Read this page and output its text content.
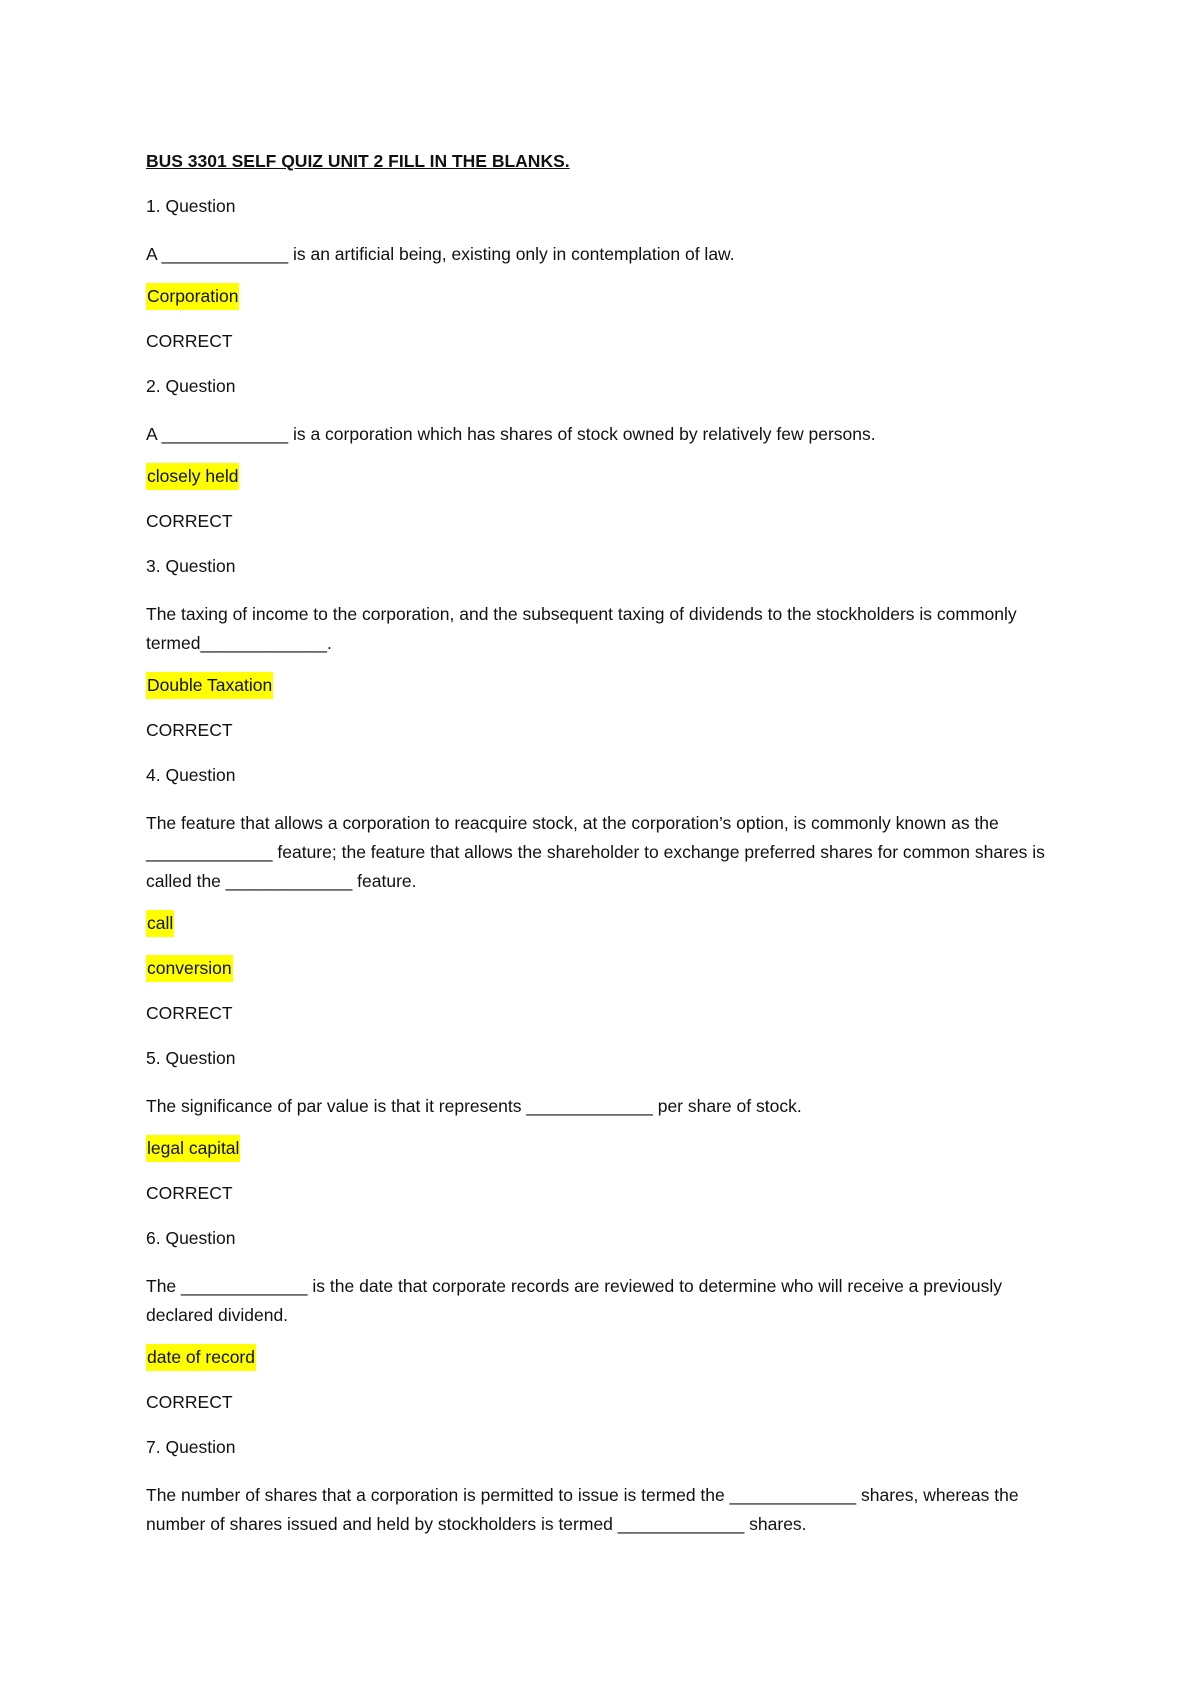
BUS 3301 SELF QUIZ UNIT 2 FILL IN THE BLANKS.
1. Question
A _____________ is an artificial being, existing only in contemplation of law.
Corporation
CORRECT
2. Question
A _____________ is a corporation which has shares of stock owned by relatively few persons.
closely held
CORRECT
3. Question
The taxing of income to the corporation, and the subsequent taxing of dividends to the stockholders is commonly termed_____________.
Double Taxation
CORRECT
4. Question
The feature that allows a corporation to reacquire stock, at the corporation’s option, is commonly known as the _____________ feature; the feature that allows the shareholder to exchange preferred shares for common shares is called the _____________ feature.
call
conversion
CORRECT
5. Question
The significance of par value is that it represents _____________ per share of stock.
legal capital
CORRECT
6. Question
The _____________ is the date that corporate records are reviewed to determine who will receive a previously declared dividend.
date of record
CORRECT
7. Question
The number of shares that a corporation is permitted to issue is termed the _____________ shares, whereas the number of shares issued and held by stockholders is termed _____________ shares.
